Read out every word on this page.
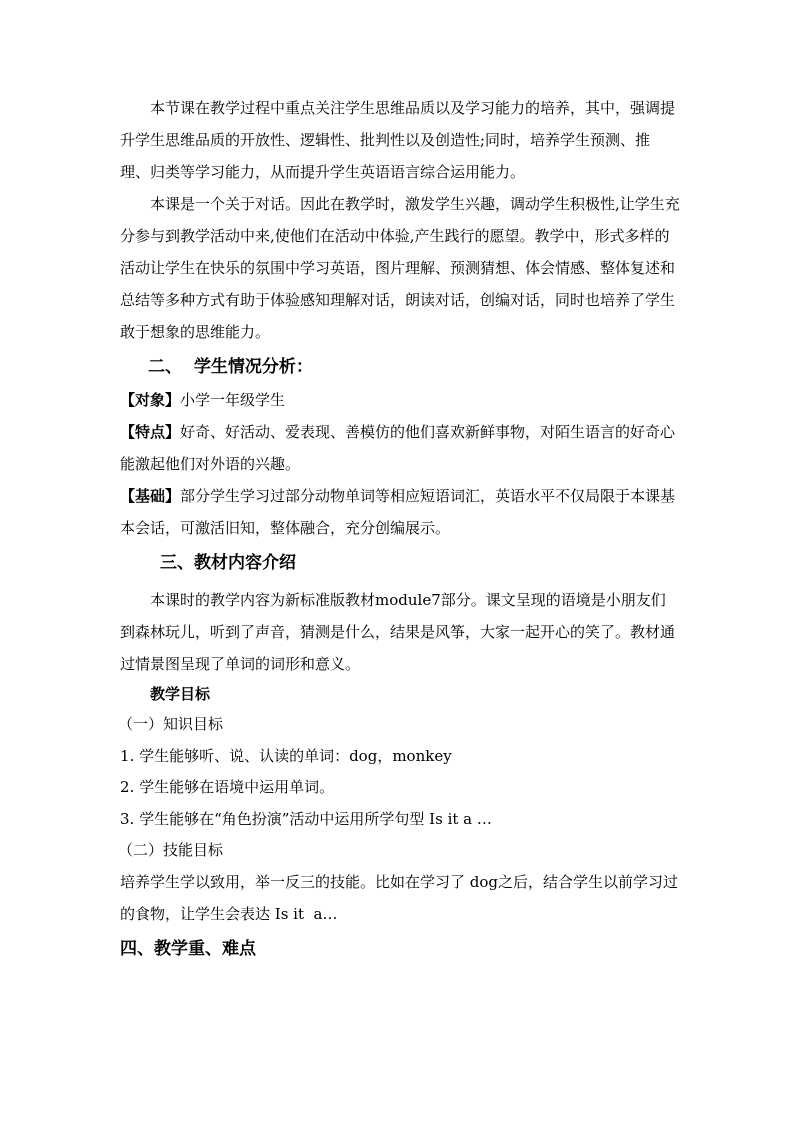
本节课在教学过程中重点关注学生思维品质以及学习能力的培养，其中，强调提升学生思维品质的开放性、逻辑性、批判性以及创造性;同时，培养学生预测、推理、归类等学习能力，从而提升学生英语语言综合运用能力。
本课是一个关于对话。因此在教学时，激发学生兴趣，调动学生积极性,让学生充分参与到教学活动中来,使他们在活动中体验,产生践行的愿望。教学中，形式多样的活动让学生在快乐的氛围中学习英语，图片理解、预测猜想、体会情感、整体复述和总结等多种方式有助于体验感知理解对话，朗读对话，创编对话，同时也培养了学生敢于想象的思维能力。
二、  学生情况分析：
【对象】小学一年级学生
【特点】好奇、好活动、爱表现、善模仿的他们喜欢新鲜事物，对陌生语言的好奇心能激起他们对外语的兴趣。
【基础】部分学生学习过部分动物单词等相应短语词汇，英语水平不仅局限于本课基本会话，可激活旧知，整体融合，充分创编展示。
三、教材内容介绍
本课时的教学内容为新标准版教材module7部分。课文呈现的语境是小朋友们到森林玩儿，听到了声音，猜测是什么，结果是风筝，大家一起开心的笑了。教材通过情景图呈现了单词的词形和意义。
教学目标
（一）知识目标
1. 学生能够听、说、认读的单词：dog，monkey
2. 学生能够在语境中运用单词。
3. 学生能够在“角色扮演”活动中运用所学句型 Is it a …
（二）技能目标
培养学生学以致用，举一反三的技能。比如在学习了 dog之后，结合学生以前学习过的食物，让学生会表达 Is it  a…
四、教学重、难点
